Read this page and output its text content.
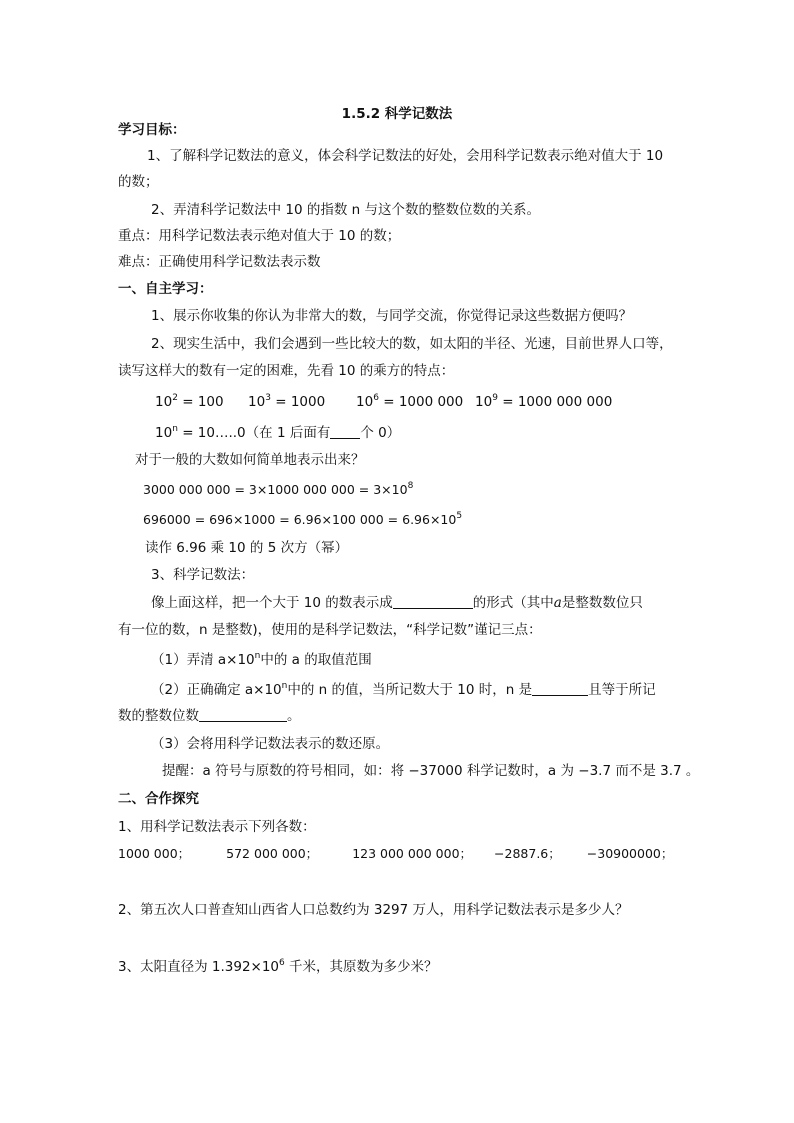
1.5.2 科学记数法
学习目标：
1、了解科学记数法的意义，体会科学记数法的好处，会用科学记数表示绝对值大于 10
的数；
2、弄清科学记数法中 10 的指数 n 与这个数的整数位数的关系。
重点：用科学记数法表示绝对值大于 10 的数；
难点：正确使用科学记数法表示数
一、自主学习：
1、展示你收集的你认为非常大的数，与同学交流，你觉得记录这些数据方便吗？
2、现实生活中，我们会遇到一些比较大的数，如太阳的半径、光速，目前世界人口等，
读写这样大的数有一定的困难，先看 10 的乘方的特点：
$10^2 = 100$ $10^3 = 1000$ $10^6 = 1000$ 000 $10^9 = 1000$ 000 000
$10^n$ = 10…..0（在 1 后面有 个 0）
对于一般的大数如何简单地表示出来？
3000 000 000 = 3×1000 000 $000 = 3\times 10^8$
696000 = 696×1000 = 6.96×100 $000 = 6.96\times 10^5$
读作 6.96 乘 10 的 5 次方（幂）
3、科学记数法：
像上面这样，把一个大于 10 的数表示成	的形式（其中a是整数数位只
有一位的数，n 是整数)，使用的是科学记数法，“科学记数”谨记三点：
（1）弄清 $a\times 10^n$中的 a 的取值范围
（2）正确确定 $a\times 10^n$中的 n 的值，当所记数大于 10 时，n 是	且等于所记
数的整数位数	。
（3）会将用科学记数法表示的数还原。
提醒：a 符号与原数的符号相同，如：将 −37000 科学记数时，a 为 −3.7 而不是 3.7 。
二、合作探究
1、用科学记数法表示下列各数：
1000 000；	572 000 000；	123 000 000 000； −2887.6； −30900000；
2、第五次人口普查知山西省人口总数约为 3297 万人，用科学记数法表示是多少人？
3、太阳直径为 $1.392\times 10^6$ 千米，其原数为多少米？
